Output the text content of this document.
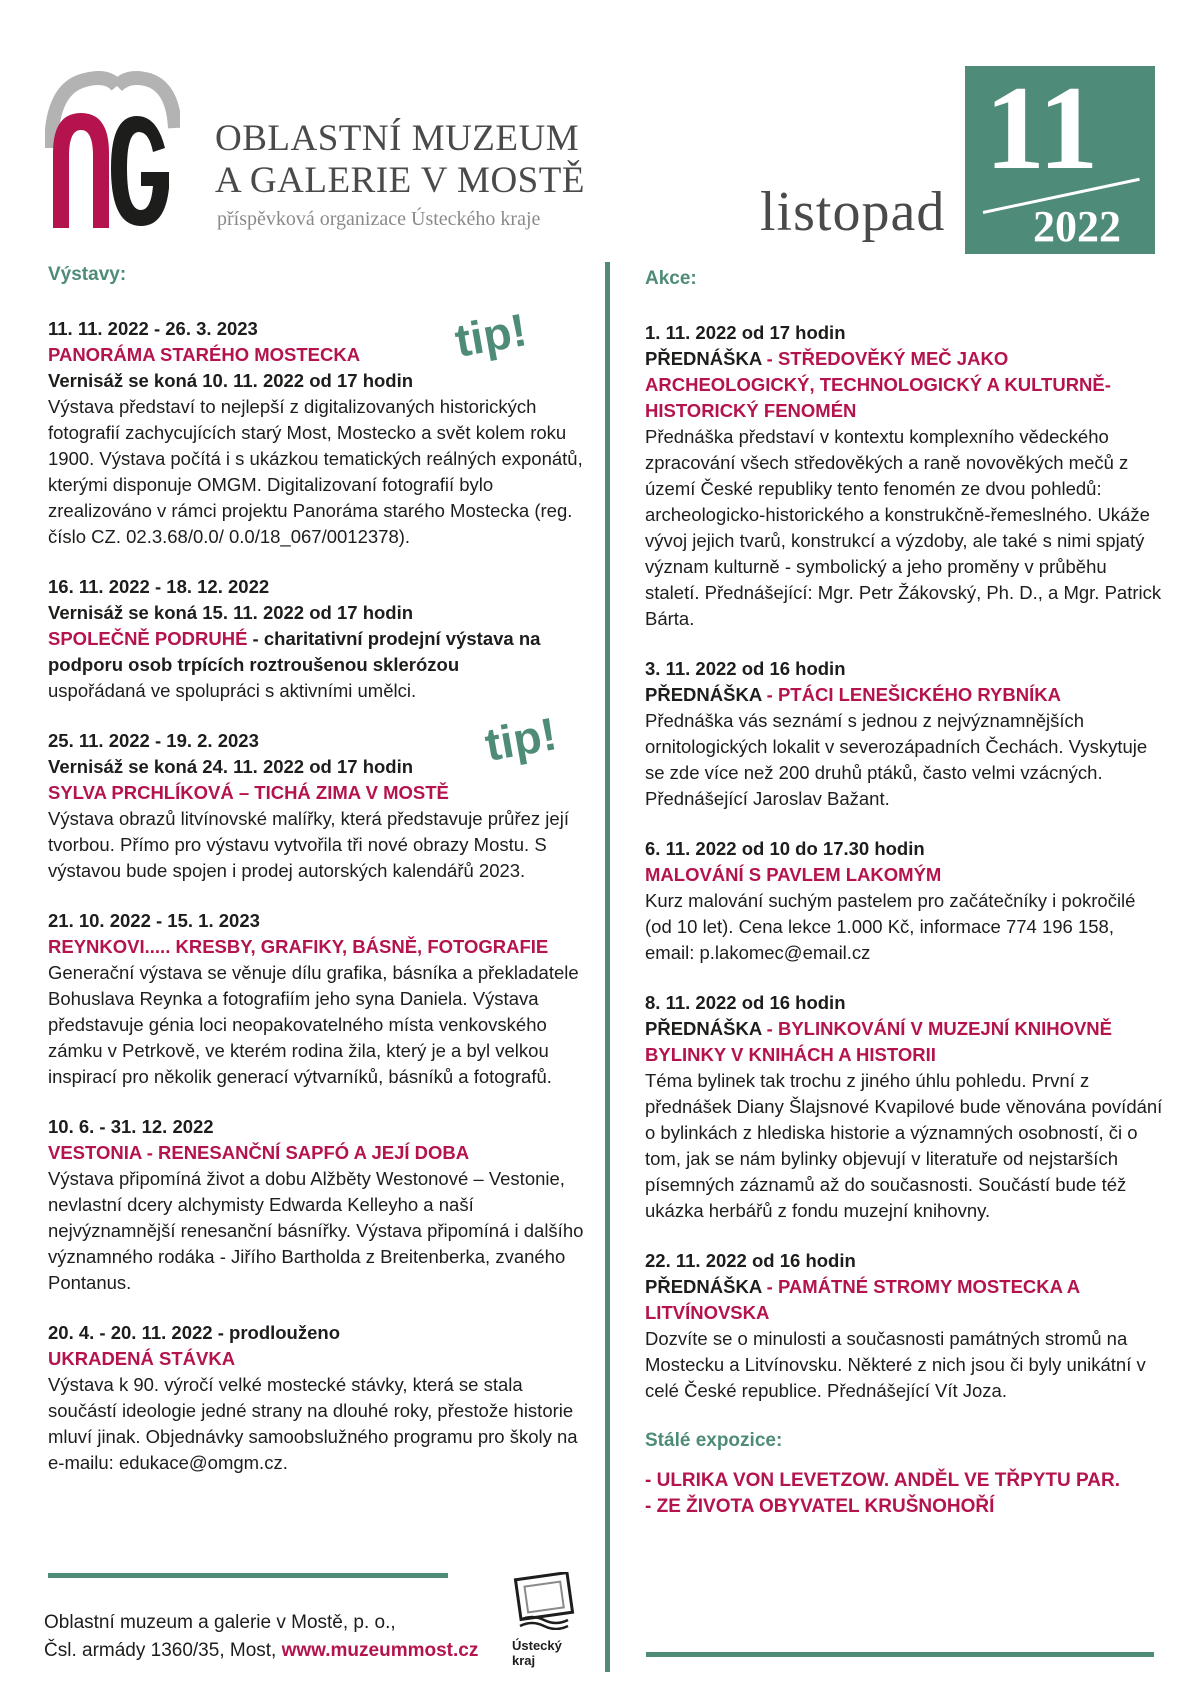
OBLASTNÍ MUZEUM
A GALERIE V MOSTĚ
příspěvková organizace Ústeckého kraje	listopad
11
2022
tip!
tip!
Výstavy:
11. 11. 2022 - 26. 3. 2023
PANORÁMA STARÉHO MOSTECKA
Vernisáž se koná 10. 11. 2022 od 17 hodin
Výstava představí to nejlepší z digitalizovaných historických fotografií zachycujících starý Most, Mostecko a svět kolem roku 1900. Výstava počítá i s ukázkou tematických reálných exponátů, kterými disponuje OMGM. Digitalizovaní fotografií bylo zrealizováno v rámci projektu Panoráma starého Mostecka (reg. číslo CZ. 02.3.68/0.0/ 0.0/18_067/0012378).
16. 11. 2022 - 18. 12. 2022
Vernisáž se koná 15. 11. 2022 od 17 hodin
SPOLEČNĚ PODRUHÉ - charitativní prodejní výstava na podporu osob trpících roztroušenou sklerózou
uspořádaná ve spolupráci s aktivními umělci.
25. 11. 2022 - 19. 2. 2023
Vernisáž se koná 24. 11. 2022 od 17 hodin
SYLVA PRCHLÍKOVÁ – TICHÁ ZIMA V MOSTĚ
Výstava obrazů litvínovské malířky, která představuje průřez její tvorbou. Přímo pro výstavu vytvořila tři nové obrazy Mostu. S výstavou bude spojen i prodej autorských kalendářů 2023.
21. 10. 2022 - 15. 1. 2023
REYNKOVI..... KRESBY, GRAFIKY, BÁSNĚ, FOTOGRAFIE
Generační výstava se věnuje dílu grafika, básníka a překladatele Bohuslava Reynka a fotografiím jeho syna Daniela. Výstava představuje génia loci neopakovatelného místa venkovského zámku v Petrkově, ve kterém rodina žila, který je a byl velkou inspirací pro několik generací výtvarníků, básníků a fotografů.
10. 6. - 31. 12. 2022
VESTONIA - RENESANČNÍ SAPFÓ A JEJÍ DOBA
Výstava připomíná život a dobu Alžběty Westonové – Vestonie, nevlastní dcery alchymisty Edwarda Kelleyho a naší nejvýznamnější renesanční básnířky. Výstava připomíná i dalšího významného rodáka - Jiřího Bartholda z Breitenberka, zvaného Pontanus.
20. 4. - 20. 11. 2022 - prodlouženo
UKRADENÁ STÁVKA
Výstava k 90. výročí velké mostecké stávky, která se stala součástí ideologie jedné strany na dlouhé roky, přestože historie mluví jinak. Objednávky samoobslužného programu pro školy na e-mailu: edukace@omgm.cz.
Oblastní muzeum a galerie v Mostě, p. o.,
Čsl. armády 1360/35, Most, www.muzeummost.cz	Ústecký kraj
Akce:
1. 11. 2022 od 17 hodin
PŘEDNÁŠKA - STŘEDOVĚKÝ MEČ JAKO ARCHEOLOGICKÝ, TECHNOLOGICKÝ A KULTURNĚ-HISTORICKÝ FENOMÉN
Přednáška představí v kontextu komplexního vědeckého zpracování všech středověkých a raně novověkých mečů z území České republiky tento fenomén ze dvou pohledů: archeologicko-historického a konstrukčně-řemeslného. Ukáže vývoj jejich tvarů, konstrukcí a výzdoby, ale také s nimi spjatý význam kulturně - symbolický a jeho proměny v průběhu staletí. Přednášející: Mgr. Petr Žákovský, Ph. D., a Mgr. Patrick Bárta.
3. 11. 2022 od 16 hodin
PŘEDNÁŠKA - PTÁCI LENEŠICKÉHO RYBNÍKA
Přednáška vás seznámí s jednou z nejvýznamnějších ornitologických lokalit v severozápadních Čechách. Vyskytuje se zde více než 200 druhů ptáků, často velmi vzácných. Přednášející Jaroslav Bažant.
6. 11. 2022 od 10 do 17.30 hodin
MALOVÁNÍ S PAVLEM LAKOMÝM
Kurz malování suchým pastelem pro začátečníky i pokročilé (od 10 let). Cena lekce 1.000 Kč, informace 774 196 158, email: p.lakomec@email.cz
8. 11. 2022 od 16 hodin
PŘEDNÁŠKA - BYLINKOVÁNÍ V MUZEJNÍ KNIHOVNĚ BYLINKY V KNIHÁCH A HISTORII
Téma bylinek tak trochu z jiného úhlu pohledu. První z přednášek Diany Šlajsnové Kvapilové bude věnována povídání o bylinkách z hlediska historie a významných osobností, či o tom, jak se nám bylinky objevují v literatuře od nejstarších písemných záznamů až do současnosti. Součástí bude též ukázka herbářů z fondu muzejní knihovny.
22. 11. 2022 od 16 hodin
PŘEDNÁŠKA - PAMÁTNÉ STROMY MOSTECKA A LITVÍNOVSKA
Dozvíte se o minulosti a současnosti památných stromů na Mostecku a Litvínovsku. Některé z nich jsou či byly unikátní v celé České republice. Přednášející Vít Joza.
Stálé expozice:
- ULRIKA VON LEVETZOW. ANDĚL VE TŘPYTU PAR.
- ZE ŽIVOTA OBYVATEL KRUŠNOHOŘÍ
